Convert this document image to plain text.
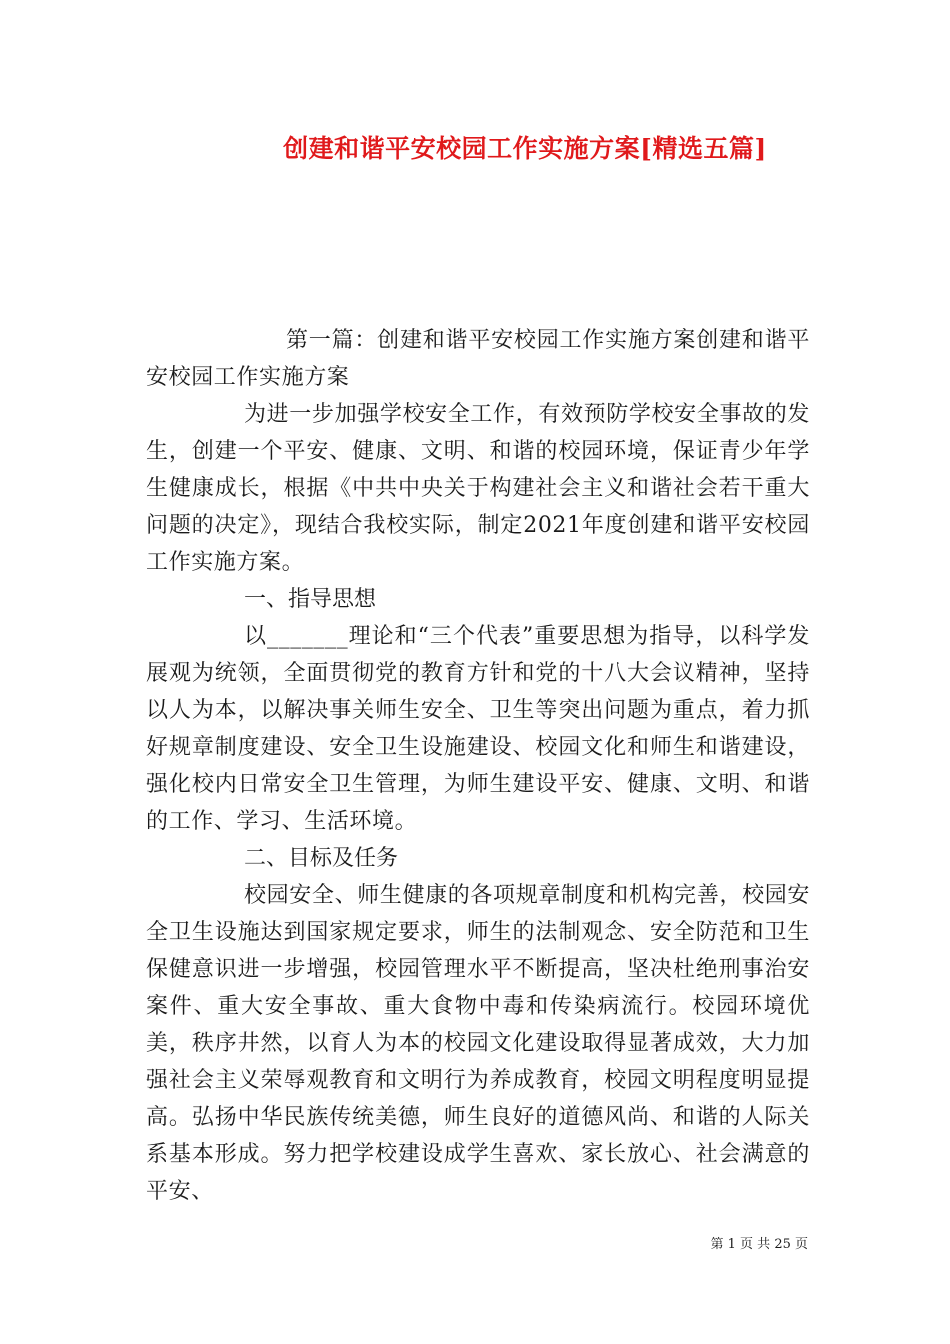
创建和谐平安校园工作实施方案[精选五篇]

第一篇：创建和谐平安校园工作实施方案创建和谐平安校园工作实施方案

为进一步加强学校安全工作，有效预防学校安全事故的发生，创建一个平安、健康、文明、和谐的校园环境，保证青少年学生健康成长，根据《中共中央关于构建社会主义和谐社会若干重大问题的决定》，现结合我校实际，制定2021年度创建和谐平安校园工作实施方案。

一、指导思想

以_______理论和“三个代表”重要思想为指导，以科学发展观为统领，全面贯彻党的教育方针和党的十八大会议精神，坚持以人为本，以解决事关师生安全、卫生等突出问题为重点，着力抓好规章制度建设、安全卫生设施建设、校园文化和师生和谐建设，强化校内日常安全卫生管理，为师生建设平安、健康、文明、和谐的工作、学习、生活环境。

二、目标及任务

校园安全、师生健康的各项规章制度和机构完善，校园安全卫生设施达到国家规定要求，师生的法制观念、安全防范和卫生保健意识进一步增强，校园管理水平不断提高，坚决杜绝刑事治安案件、重大安全事故、重大食物中毒和传染病流行。校园环境优美，秩序井然，以育人为本的校园文化建设取得显著成效，大力加强社会主义荣辱观教育和文明行为养成教育，校园文明程度明显提高。弘扬中华民族传统美德，师生良好的道德风尚、和谐的人际关系基本形成。努力把学校建设成学生喜欢、家长放心、社会满意的平安、

第 1 页 共 25 页
